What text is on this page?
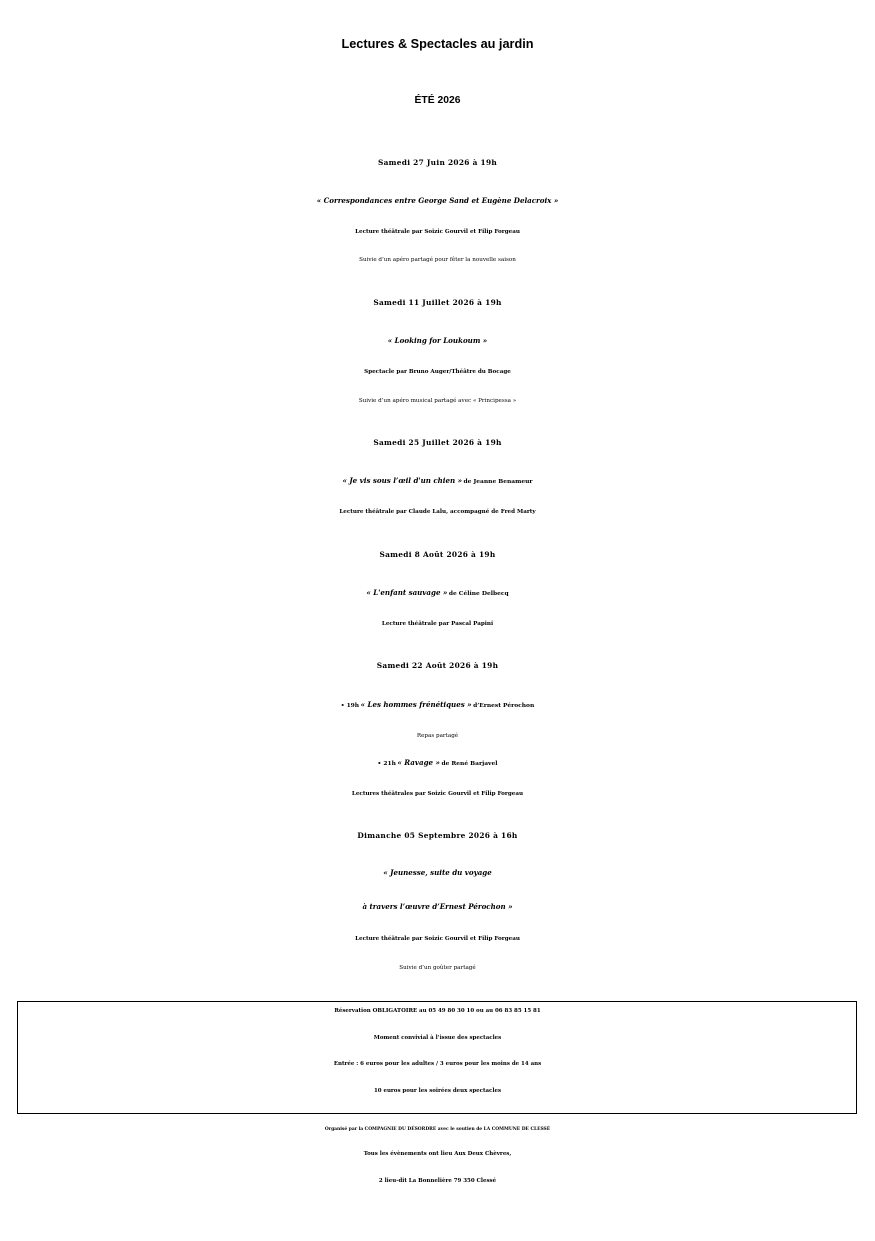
Lectures & Spectacles au jardin
ÉTÉ 2026
Samedi 27 Juin 2026 à 19h
« Correspondances entre George Sand et Eugène Delacroix »
Lecture théâtrale par Soizic Gourvil et Filip Forgeau
Suivie d’un apéro partagé pour fêter la nouvelle saison
Samedi 11 Juillet 2026 à 19h
« Looking for Loukoum »
Spectacle par Bruno Auger/Théâtre du Bocage
Suivie d’un apéro musical partagé avec « Principessa »
Samedi 25 Juillet 2026 à 19h
« Je vis sous l’œil d'un chien » de Jeanne Benameur
Lecture théâtrale par Claude Lalu, accompagné de Fred Marty
Samedi 8 Août 2026 à 19h
« L'enfant sauvage » de Céline Delbecq
Lecture théâtrale par Pascal Papini
Samedi 22 Août 2026 à 19h
• 19h « Les hommes frénétiques » d’Ernest Pérochon
Repas partagé
• 21h « Ravage » de René Barjavel
Lectures théâtrales par Soizic Gourvil et Filip Forgeau
Dimanche 05 Septembre 2026 à 16h
« Jeunesse, suite du voyage
à travers l’œuvre d’Ernest Pérochon »
Lecture théâtrale par Soizic Gourvil et Filip Forgeau
Suivie d’un goûter partagé
Réservation OBLIGATOIRE au 05 49 80 30 10 ou au 06 83 85 15 81
Moment convivial à l’issue des spectacles
Entrée : 6 euros pour les adultes / 3 euros pour les moins de 14 ans
10 euros pour les soirées deux spectacles
Organisé par la COMPAGNIE DU DÉSORDRE avec le soutien de LA COMMUNE DE CLESSÉ
Tous les évènements ont lieu Aux Deux Chèvres,
2 lieu-dit La Bonnelière 79 350 Clessé
